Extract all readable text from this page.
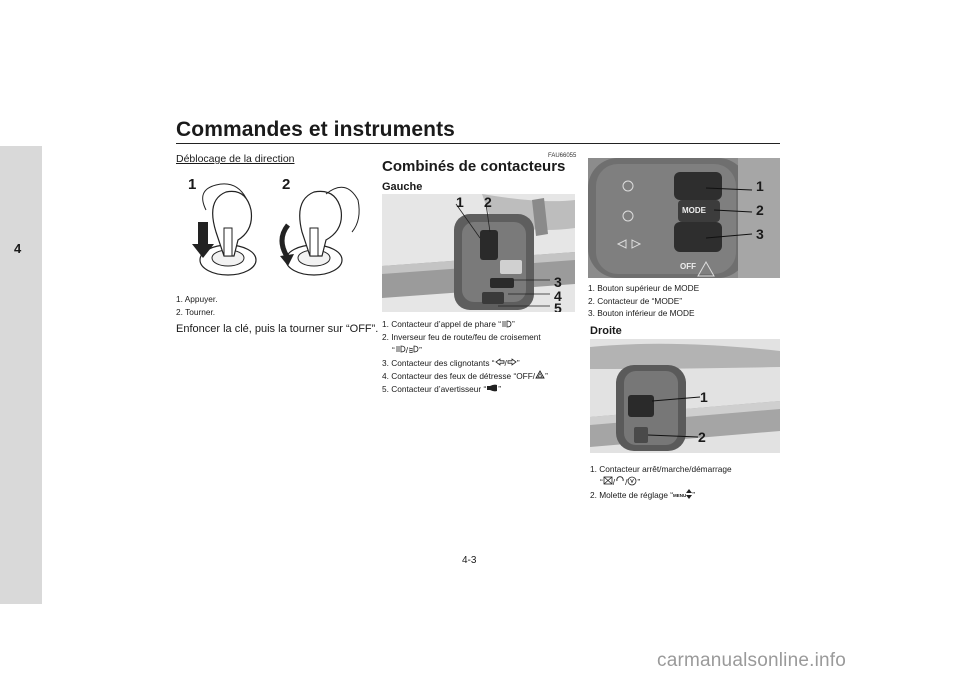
Commandes et instruments
4
Déblocage de la direction
1	2
1. Appuyer.
2. Tourner.
Enfoncer la clé, puis la tourner sur “OFF”.
FAU66055
Combinés de contacteurs
Gauche
1 2
3
4
5
1. Contacteur d’appel de phare “ ”
2. Inverseur feu de route/feu de croisement
“ / ”
3. Contacteur des clignotants “ / ”
4. Contacteur des feux de détresse “OFF/ ”
5. Contacteur d’avertisseur “ ”
MODE
OFF
1
2
3
1. Bouton supérieur de MODE
2. Contacteur de “MODE”
3. Bouton inférieur de MODE
Droite
1
2
1. Contacteur arrêt/marche/démarrage
“ / / ”
2. Molette de réglage “MENU ”
4-3
carmanualsonline.info
